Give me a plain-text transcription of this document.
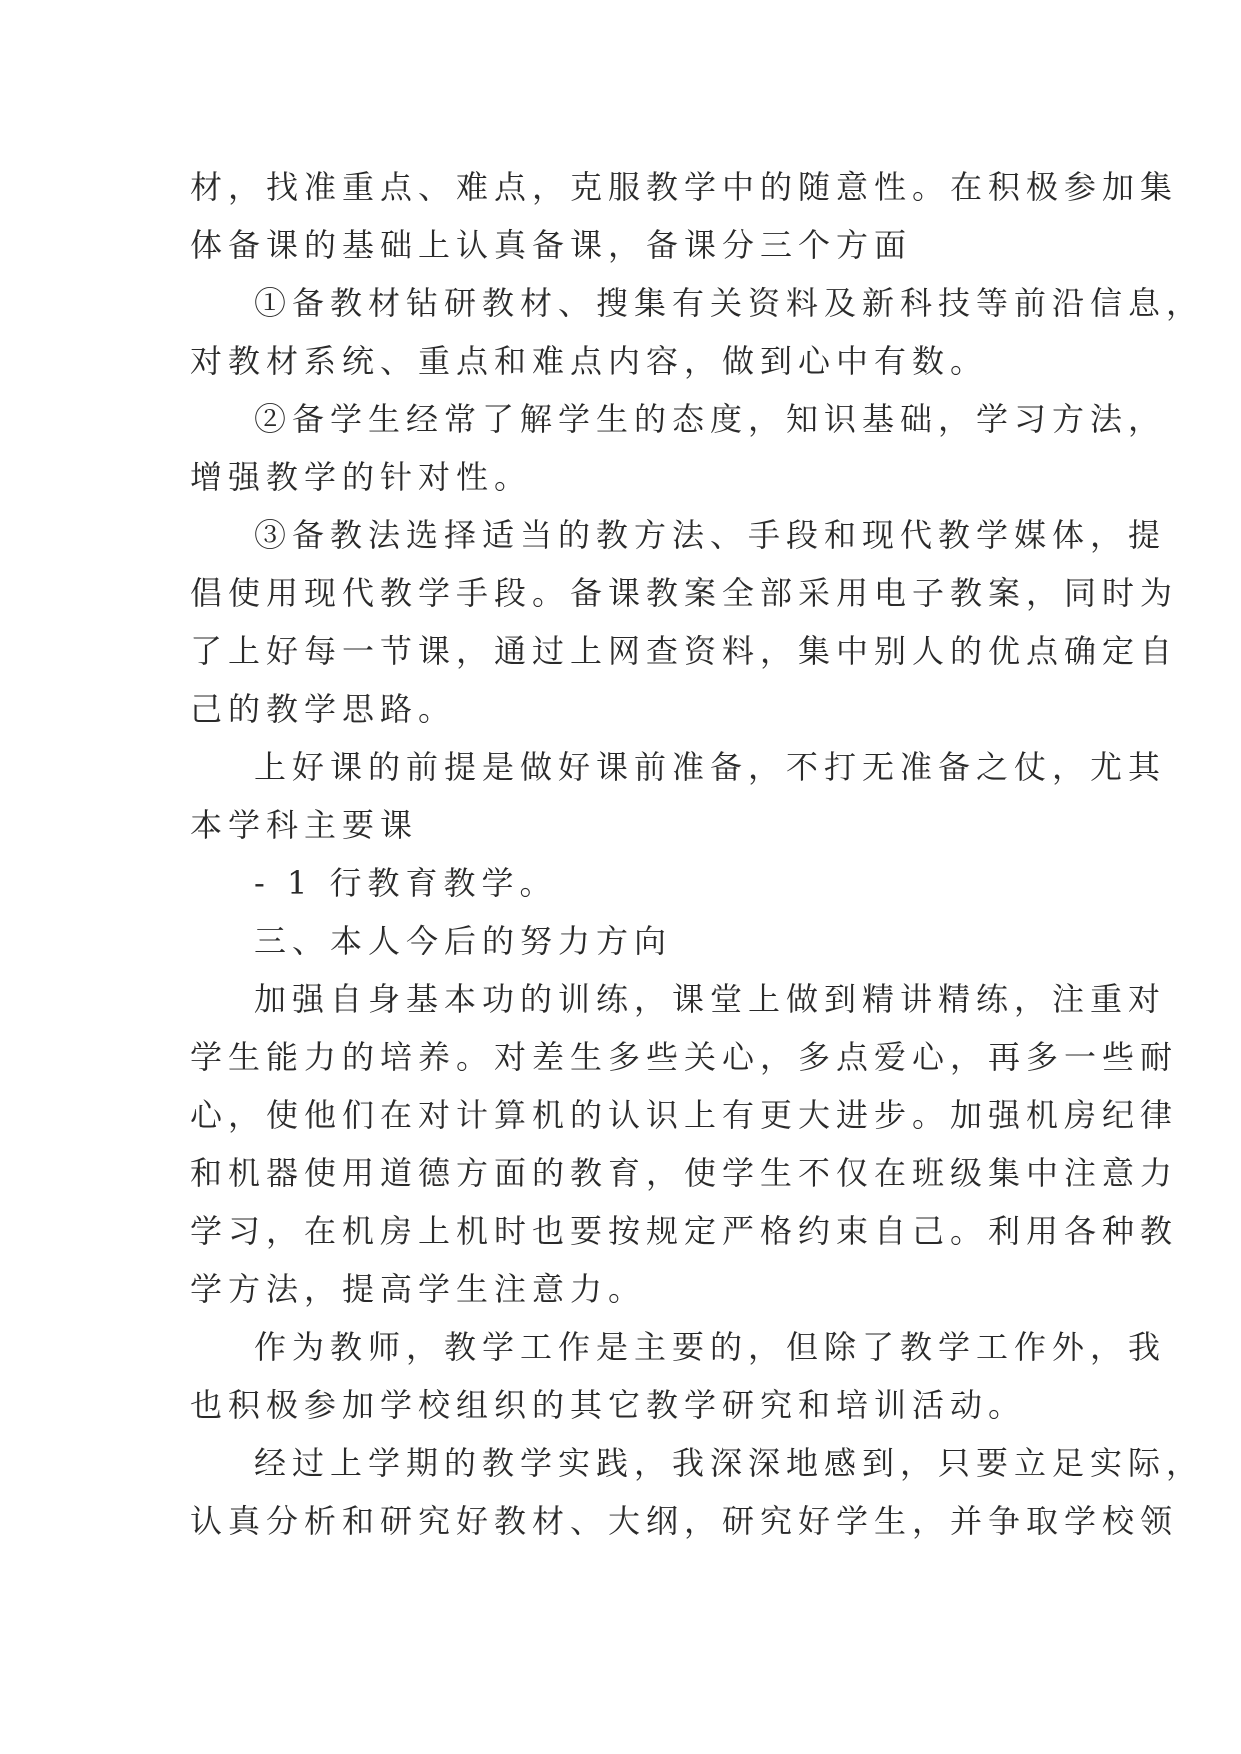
材，找准重点、难点，克服教学中的随意性。在积极参加集

体备课的基础上认真备课，备课分三个方面

①备教材钻研教材、搜集有关资料及新科技等前沿信息，

对教材系统、重点和难点内容，做到心中有数。

②备学生经常了解学生的态度，知识基础，学习方法，

增强教学的针对性。

③备教法选择适当的教方法、手段和现代教学媒体，提

倡使用现代教学手段。备课教案全部采用电子教案，同时为

了上好每一节课，通过上网查资料，集中别人的优点确定自

己的教学思路。

上好课的前提是做好课前准备，不打无准备之仗，尤其

本学科主要课

- 1 行教育教学。

三、本人今后的努力方向

加强自身基本功的训练，课堂上做到精讲精练，注重对

学生能力的培养。对差生多些关心，多点爱心，再多一些耐

心，使他们在对计算机的认识上有更大进步。加强机房纪律

和机器使用道德方面的教育，使学生不仅在班级集中注意力

学习，在机房上机时也要按规定严格约束自己。利用各种教

学方法，提高学生注意力。

作为教师，教学工作是主要的，但除了教学工作外，我

也积极参加学校组织的其它教学研究和培训活动。

经过上学期的教学实践，我深深地感到，只要立足实际，

认真分析和研究好教材、大纲，研究好学生，并争取学校领
